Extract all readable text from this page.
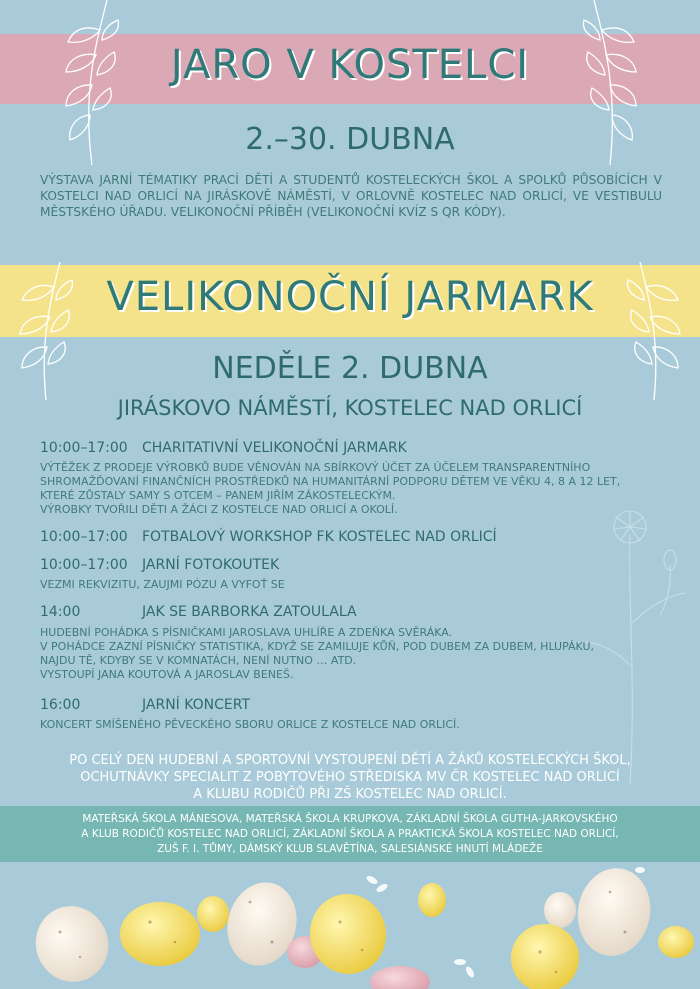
JARO V KOSTELCI
2.–30. DUBNA
VÝSTAVA JARNÍ TÉMATIKY PRACÍ DĚTÍ A STUDENTŮ KOSTELECKÝCH ŠKOL A SPOLKŮ PŮSOBÍCÍCH V KOSTELCI NAD ORLICÍ NA JIRÁSKOVĚ NÁMĚSTÍ, V ORLOVNĚ KOSTELEC NAD ORLICÍ, VE VESTIBULU MĚSTSKÉHO ÚŘADU. VELIKONOČNÍ PŘÍBĚH (VELIKONOČNÍ KVÍZ S QR KÓDY).
VELIKONOČNÍ JARMARK
NEDĚLE 2. DUBNA
JIRÁSKOVO NÁMĚSTÍ, KOSTELEC NAD ORLICÍ
10:00–17:00 CHARITATIVNÍ VELIKONOČNÍ JARMARK
VÝTĚŽEK Z PRODEJE VÝROBKŮ BUDE VĚNOVÁN NA SBÍRKOVÝ ÚČET ZA ÚČELEM TRANSPARENTNÍHO
SHROMAŽĎOVANÍ FINANČNÍCH PROSTŘEDKŮ NA HUMANITÁRNÍ PODPORU DĚTEM VE VĚKU 4, 8 A 12 LET,
KTERÉ ZŮSTALY SAMY S OTCEM – PANEM JIŘÍM ZÁKOSTELECKÝM.
VÝROBKY TVOŘILI DĚTI A ŽÁCI Z KOSTELCE NAD ORLICÍ A OKOLÍ.
10:00–17:00 FOTBALOVÝ WORKSHOP FK KOSTELEC NAD ORLICÍ
10:00–17:00 JARNÍ FOTOKOUTEK
VEZMI REKVIZITU, ZAUJMI PÓZU A VYFOŤ SE
14:00	JAK SE BARBORKA ZATOULALA
HUDEBNÍ POHÁDKA S PÍSNIČKAMI JAROSLAVA UHLÍŘE A ZDEŇKA SVĚRÁKA.
V POHÁDCE ZAZNÍ PÍSNIČKY STATISTIKA, KDYŽ SE ZAMILUJE KŮŇ, POD DUBEM ZA DUBEM, HLUPÁKU,
NAJDU TĚ, KDYBY SE V KOMNATÁCH, NENÍ NUTNO … ATD.
VYSTOUPÍ JANA KOUTOVÁ A JAROSLAV BENEŠ.
16:00	JARNÍ KONCERT
KONCERT SMÍŠENÉHO PĚVECKÉHO SBORU ORLICE Z KOSTELCE NAD ORLICÍ.
PO CELÝ DEN HUDEBNÍ A SPORTOVNÍ VYSTOUPENÍ DĚTÍ A ŽÁKŮ KOSTELECKÝCH ŠKOL,
OCHUTNÁVKY SPECIALIT Z POBYTOVÉHO STŘEDISKA MV ČR KOSTELEC NAD ORLICÍ
A KLUBU RODIČŮ PŘI ZŠ KOSTELEC NAD ORLICÍ.
MATEŘSKÁ ŠKOLA MÁNESOVA, MATEŘSKÁ ŠKOLA KRUPKOVA, ZÁKLADNÍ ŠKOLA GUTHA-JARKOVSKÉHO
A KLUB RODIČŮ KOSTELEC NAD ORLICÍ, ZÁKLADNÍ ŠKOLA A PRAKTICKÁ ŠKOLA KOSTELEC NAD ORLICÍ,
ZUŠ F. I. TŮMY, DÁMSKÝ KLUB SLAVĚTÍNA, SALESIÁNSKÉ HNUTÍ MLÁDEŽE
